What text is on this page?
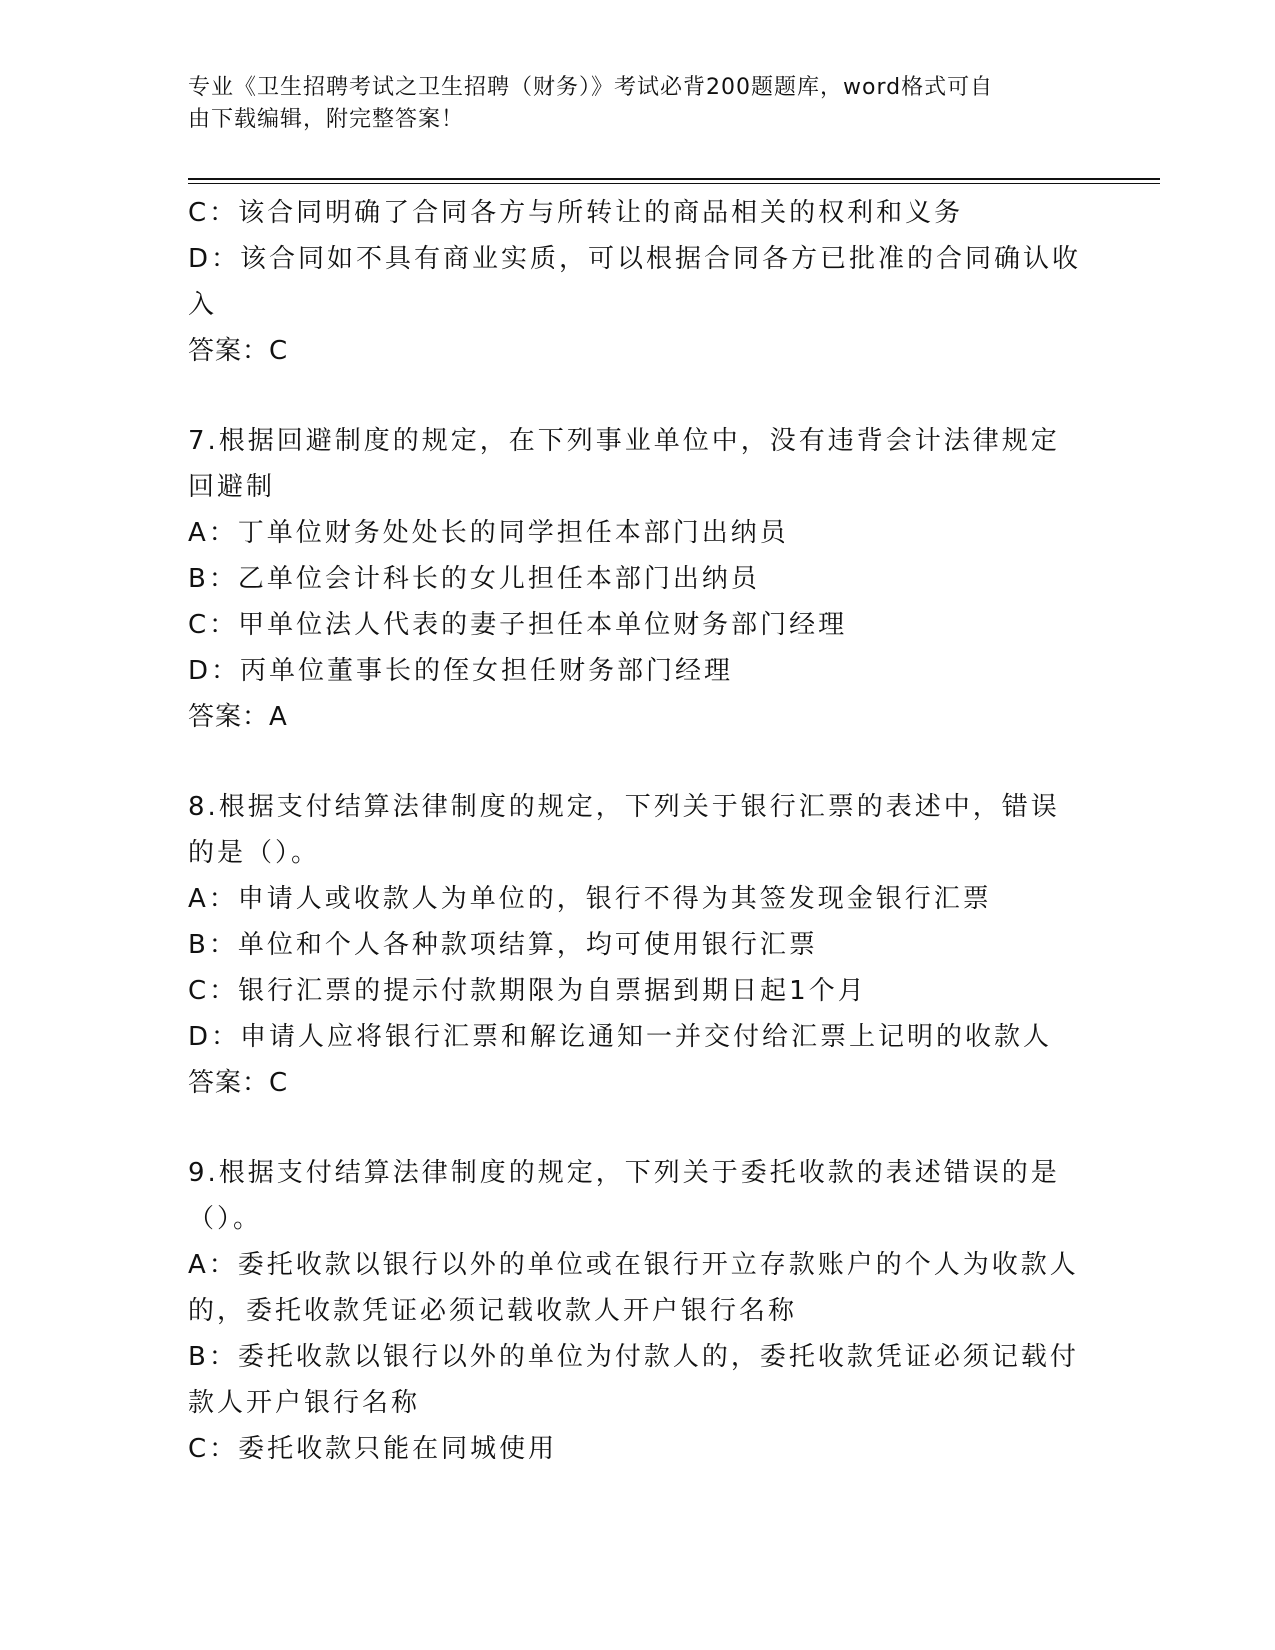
专业《卫生招聘考试之卫生招聘（财务）》考试必背200题题库，word格式可自
由下载编辑，附完整答案！
C：该合同明确了合同各方与所转让的商品相关的权利和义务
D：该合同如不具有商业实质，可以根据合同各方已批准的合同确认收
入
答案：C
7.根据回避制度的规定，在下列事业单位中，没有违背会计法律规定
回避制
A：丁单位财务处处长的同学担任本部门出纳员
B：乙单位会计科长的女儿担任本部门出纳员
C：甲单位法人代表的妻子担任本单位财务部门经理
D：丙单位董事长的侄女担任财务部门经理
答案：A
8.根据支付结算法律制度的规定，下列关于银行汇票的表述中，错误
的是（）。
A：申请人或收款人为单位的，银行不得为其签发现金银行汇票
B：单位和个人各种款项结算，均可使用银行汇票
C：银行汇票的提示付款期限为自票据到期日起1个月
D：申请人应将银行汇票和解讫通知一并交付给汇票上记明的收款人
答案：C
9.根据支付结算法律制度的规定，下列关于委托收款的表述错误的是
（）。
A：委托收款以银行以外的单位或在银行开立存款账户的个人为收款人
的，委托收款凭证必须记载收款人开户银行名称
B：委托收款以银行以外的单位为付款人的，委托收款凭证必须记载付
款人开户银行名称
C：委托收款只能在同城使用
